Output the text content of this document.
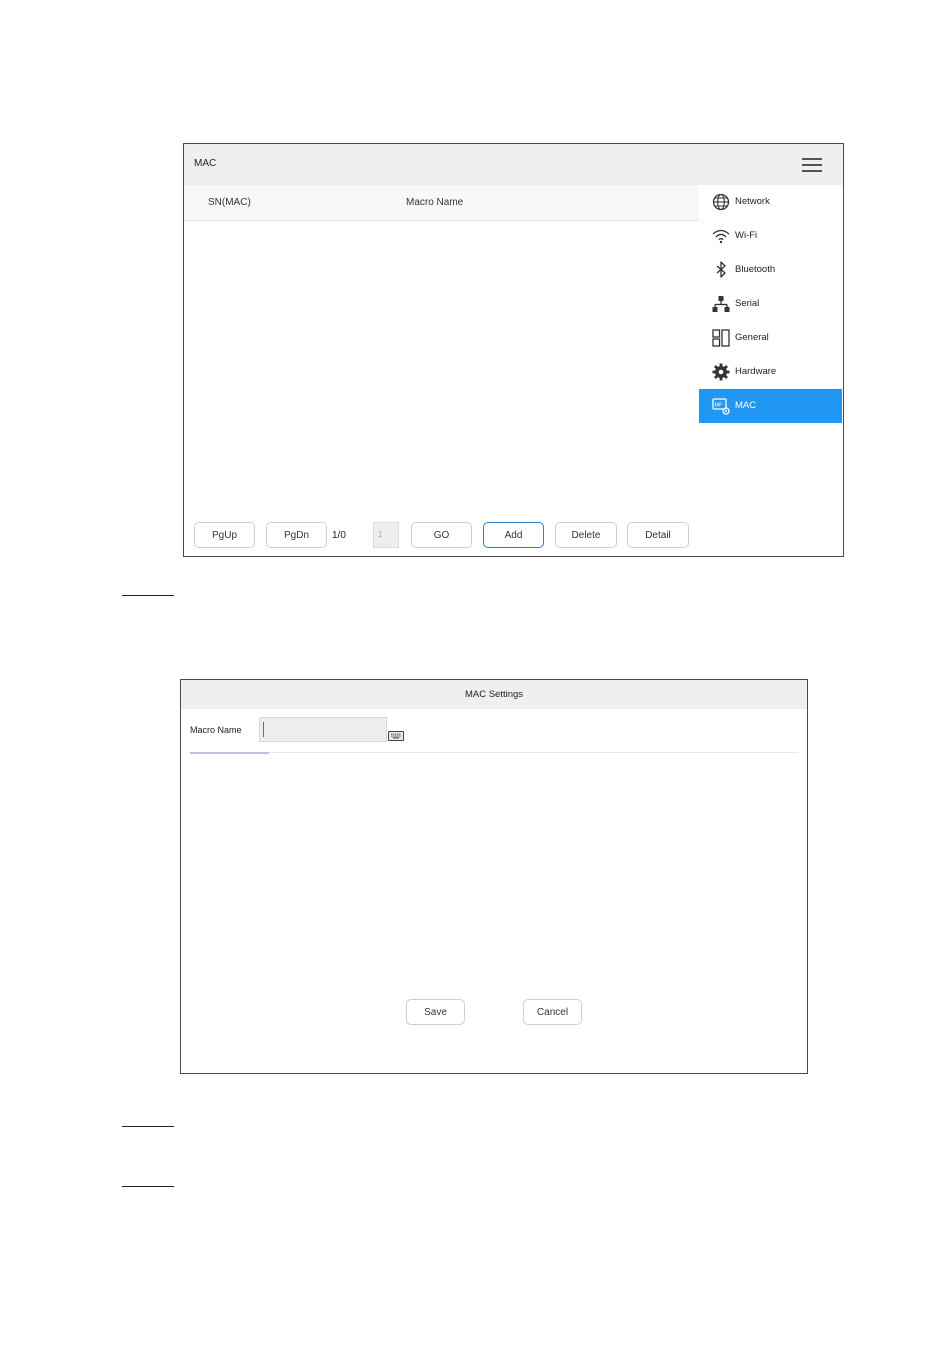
MAC
SN(MAC)	Macro Name	Network
Wi-Fi
Bluetooth
Serial
General
Hardware
MF MAC
PgUp	PgDn	1/0	1	GO	Add	Delete	Detail
MAC Settings
Macro Name
Save	Cancel
